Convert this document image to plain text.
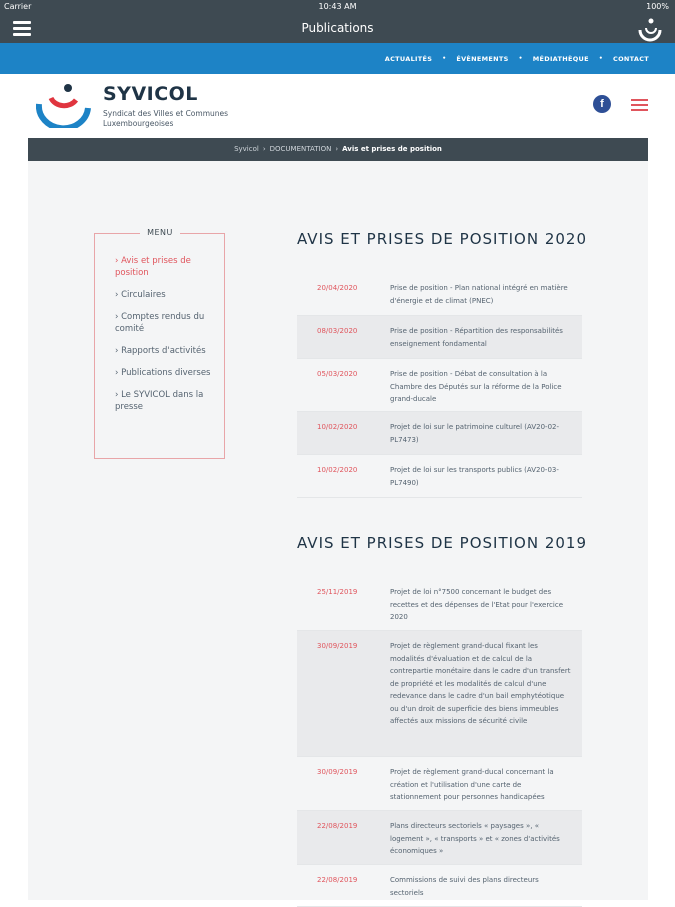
Carrier	10:43 AM	100%
Publications
ACTUALITÉS • ÉVÈNEMENTS • MÉDIATHÈQUE • CONTACT
SYVICOL
Syndicat des Villes et Communes Luxembourgeoises
f
Syvicol › DOCUMENTATION › Avis et prises de position
MENU
› Avis et prises de position
› Circulaires
› Comptes rendus du comité
› Rapports d'activités
› Publications diverses
› Le SYVICOL dans la presse
AVIS ET PRISES DE POSITION 2020
20/04/2020	Prise de position - Plan national intégré en matière d'énergie et de climat (PNEC)
08/03/2020	Prise de position - Répartition des responsabilités enseignement fondamental
05/03/2020	Prise de position - Débat de consultation à la Chambre des Députés sur la réforme de la Police grand-ducale
10/02/2020	Projet de loi sur le patrimoine culturel (AV20-02-PL7473)
10/02/2020	Projet de loi sur les transports publics (AV20-03-PL7490)
AVIS ET PRISES DE POSITION 2019
25/11/2019	Projet de loi n°7500 concernant le budget des recettes et des dépenses de l'Etat pour l'exercice 2020
30/09/2019	Projet de règlement grand-ducal fixant les modalités d'évaluation et de calcul de la contrepartie monétaire dans le cadre d'un transfert de propriété et les modalités de calcul d'une redevance dans le cadre d'un bail emphytéotique ou d'un droit de superficie des biens immeubles affectés aux missions de sécurité civile
30/09/2019	Projet de règlement grand-ducal concernant la création et l'utilisation d'une carte de stationnement pour personnes handicapées
22/08/2019	Plans directeurs sectoriels « paysages », « logement », « transports » et « zones d'activités économiques »
22/08/2019	Commissions de suivi des plans directeurs sectoriels
